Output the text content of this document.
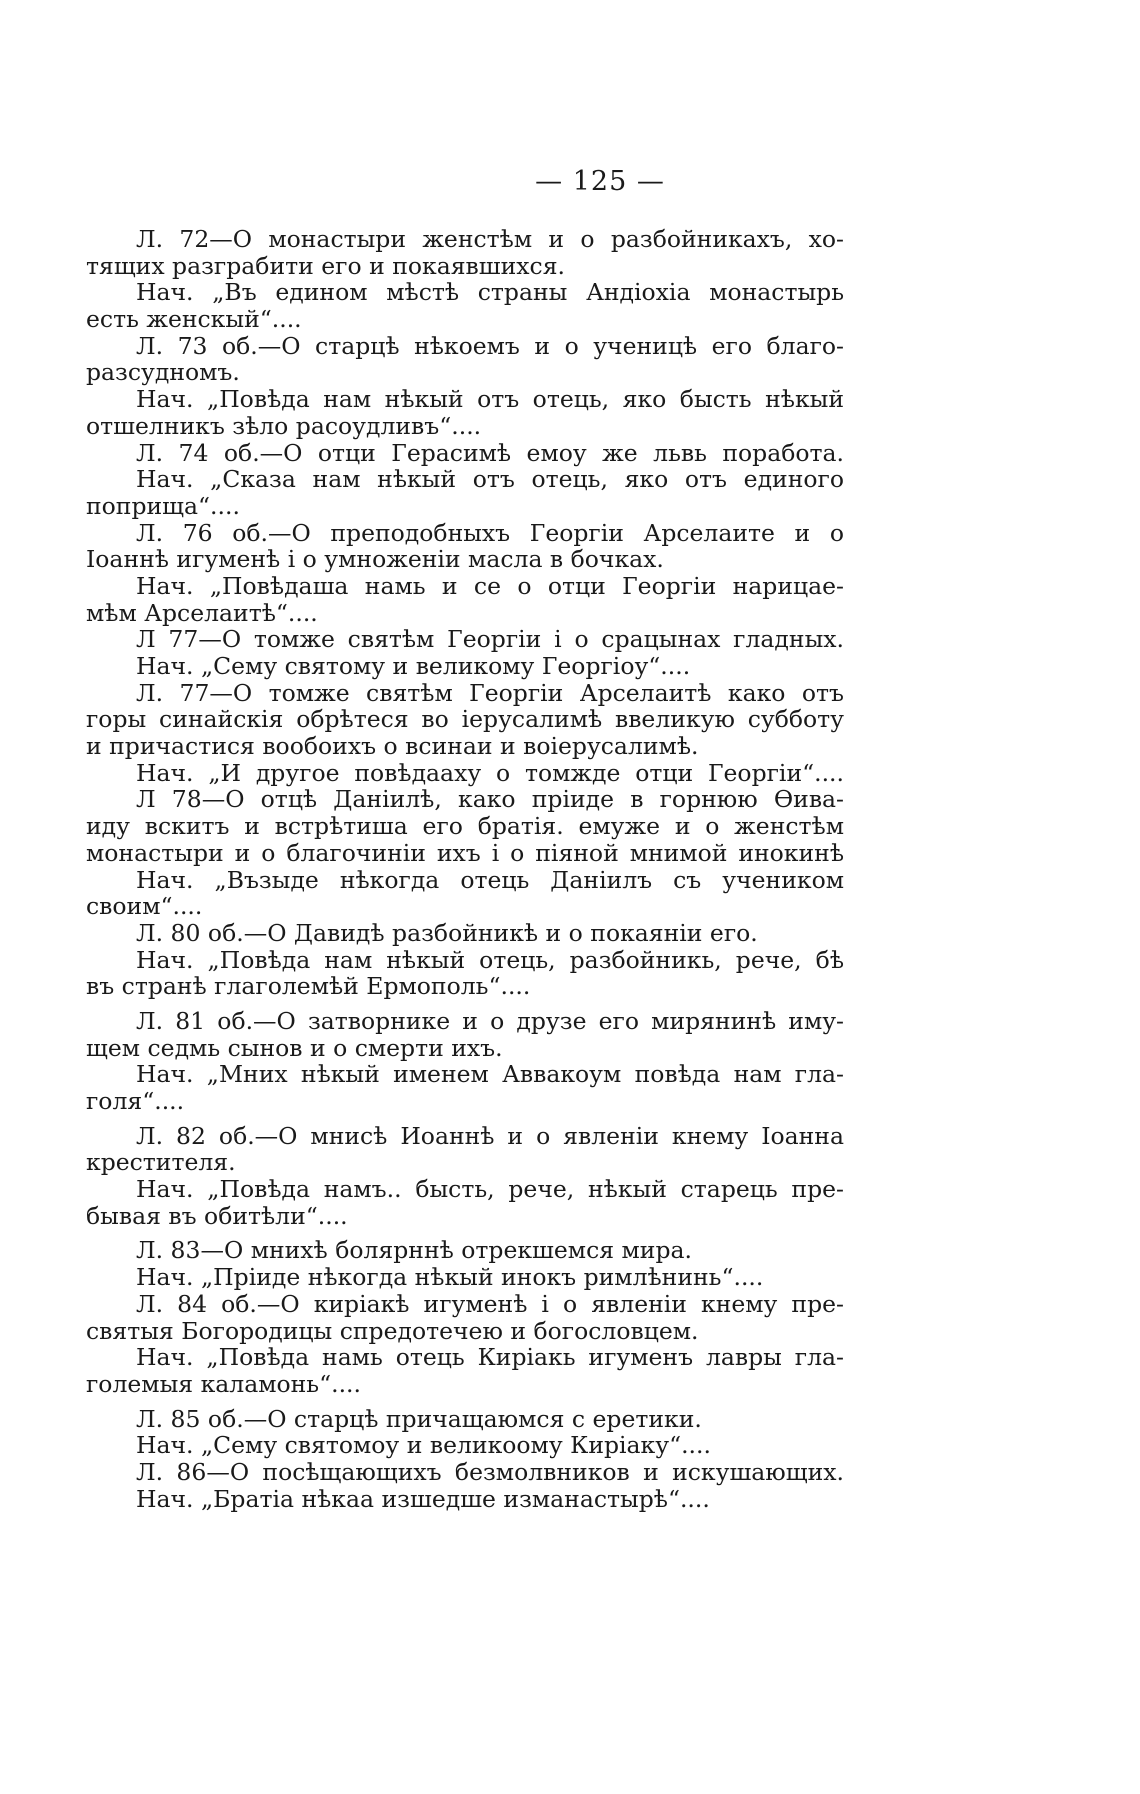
— 125 —
Л. 72—О монастыри женстѣм и о разбойникахъ, хо-
тящих разграбити его и покаявшихся.
Нач. „Въ едином мѣстѣ страны Андіохіа монастырь
есть женскый“....
Л. 73 об.—О старцѣ нѣкоемъ и о ученицѣ его благо-
разсудномъ.
Нач. „Повѣда нам нѣкый отъ отець, яко бысть нѣкый
отшелникъ зѣло расоудливъ“....
Л. 74 об.—О отци Герасимѣ емоу же львь поработа.
Нач. „Сказа нам нѣкый отъ отець, яко отъ единого
поприща“....
Л. 76 об.—О преподобныхъ Георгіи Арселаите и о
Іоаннѣ игуменѣ і о умноженіи масла в бочках.
Нач. „Повѣдаша намь и се о отци Георгіи нарицае-
мѣм Арселаитѣ“....
Л 77—О томже святѣм Георгіи і о срацынах гладных.
Нач. „Сему святому и великому Георгіоу“....
Л. 77—О томже святѣм Георгіи Арселаитѣ како отъ
горы синайскія обрѣтеся во іерусалимѣ ввеликую субботу
и причастися вообоихъ о всинаи и воіерусалимѣ.
Нач. „И другое повѣдааху о томжде отци Георгіи“....
Л 78—О отцѣ Даніилѣ, како пріиде в горнюю Өива-
иду вскитъ и встрѣтиша его братія. емуже и о женстѣм
монастыри и о благочиніи ихъ і о піяной мнимой инокинѣ
Нач. „Възыде нѣкогда отець Даніилъ съ учеником
своим“....
Л. 80 об.—О Давидѣ разбойникѣ и о покаяніи его.
Нач. „Повѣда нам нѣкый отець, разбойникь, рече, бѣ
въ странѣ глаголемѣй Ермополь“....
Л. 81 об.—О затворнике и о друзе его мирянинѣ иму-
щем седмь сынов и о смерти ихъ.
Нач. „Мних нѣкый именем Аввакоум повѣда нам гла-
голя“....
Л. 82 об.—О мнисѣ Иоаннѣ и о явленіи кнему Іоанна
крестителя.
Нач. „Повѣда намъ.. бысть, рече, нѣкый старець пре-
бывая въ обитѣли“....
Л. 83—О мнихѣ болярннѣ отрекшемся мира.
Нач. „Пріиде нѣкогда нѣкый инокъ римлѣнинь“....
Л. 84 об.—О киріакѣ игуменѣ і о явленіи кнему пре-
святыя Богородицы спредотечею и богословцем.
Нач. „Повѣда намь отець Киріакь игуменъ лавры гла-
големыя каламонь“....
Л. 85 об.—О старцѣ причащаюмся с еретики.
Нач. „Сему святомоу и великоому Киріаку“....
Л. 86—О посѣщающихъ безмолвников и искушающих.
Нач. „Братіа нѣкаа изшедше изманастырѣ“....
